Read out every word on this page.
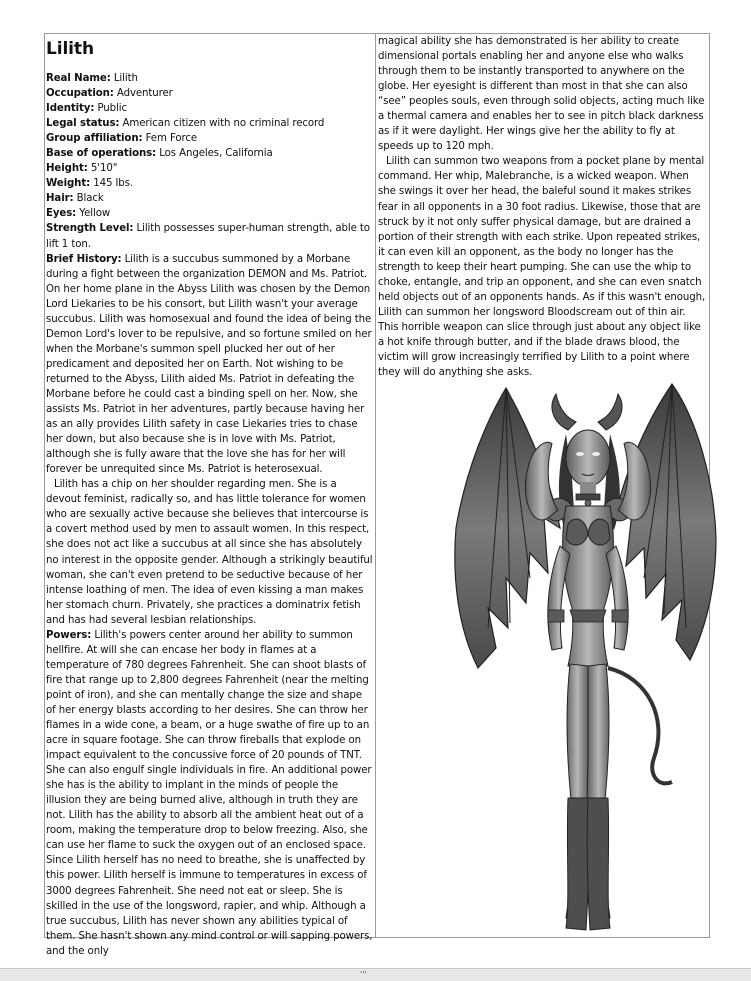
Lilith
Real Name: Lilith
Occupation: Adventurer
Identity: Public
Legal status: American citizen with no criminal record
Group affiliation: Fem Force
Base of operations: Los Angeles, California
Height: 5'10"
Weight: 145 lbs.
Hair: Black
Eyes: Yellow
Strength Level: Lilith possesses super-human strength, able to lift 1 ton.
Brief History: Lilith is a succubus summoned by a Morbane during a fight between the organization DEMON and Ms. Patriot. On her home plane in the Abyss Lilith was chosen by the Demon Lord Liekaries to be his consort, but Lilith wasn't your average succubus. Lilith was homosexual and found the idea of being the Demon Lord's lover to be repulsive, and so fortune smiled on her when the Morbane's summon spell plucked her out of her predicament and deposited her on Earth. Not wishing to be returned to the Abyss, Lilith aided Ms. Patriot in defeating the Morbane before he could cast a binding spell on her. Now, she assists Ms. Patriot in her adventures, partly because having her as an ally provides Lilith safety in case Liekaries tries to chase her down, but also because she is in love with Ms. Patriot, although she is fully aware that the love she has for her will forever be unrequited since Ms. Patriot is heterosexual.

Lilith has a chip on her shoulder regarding men. She is a devout feminist, radically so, and has little tolerance for women who are sexually active because she believes that intercourse is a covert method used by men to assault women. In this respect, she does not act like a succubus at all since she has absolutely no interest in the opposite gender. Although a strikingly beautiful woman, she can't even pretend to be seductive because of her intense loathing of men. The idea of even kissing a man makes her stomach churn. Privately, she practices a dominatrix fetish and has had several lesbian relationships.

Powers: Lilith's powers center around her ability to summon hellfire. At will she can encase her body in flames at a temperature of 780 degrees Fahrenheit. She can shoot blasts of fire that range up to 2,800 degrees Fahrenheit (near the melting point of iron), and she can mentally change the size and shape of her energy blasts according to her desires. She can throw her flames in a wide cone, a beam, or a huge swathe of fire up to an acre in square footage. She can throw fireballs that explode on impact equivalent to the concussive force of 20 pounds of TNT. She can also engulf single individuals in fire. An additional power she has is the ability to implant in the minds of people the illusion they are being burned alive, although in truth they are not. Lilith has the ability to absorb all the ambient heat out of a room, making the temperature drop to below freezing. Also, she can use her flame to suck the oxygen out of an enclosed space. Since Lilith herself has no need to breathe, she is unaffected by this power. Lilith herself is immune to temperatures in excess of 3000 degrees Fahrenheit. She need not eat or sleep. She is skilled in the use of the longsword, rapier, and whip. Although a true succubus, Lilith has never shown any abilities typical of them. She hasn't shown any mind control or will sapping powers, and the only

magical ability she has demonstrated is her ability to create dimensional portals enabling her and anyone else who walks through them to be instantly transported to anywhere on the globe. Her eyesight is different than most in that she can also “see” peoples souls, even through solid objects, acting much like a thermal camera and enables her to see in pitch black darkness as if it were daylight. Her wings give her the ability to fly at speeds up to 120 mph.

Lilith can summon two weapons from a pocket plane by mental command. Her whip, Malebranche, is a wicked weapon. When she swings it over her head, the baleful sound it makes strikes fear in all opponents in a 30 foot radius. Likewise, those that are struck by it not only suffer physical damage, but are drained a portion of their strength with each strike. Upon repeated strikes, it can even kill an opponent, as the body no longer has the strength to keep their heart pumping. She can use the whip to choke, entangle, and trip an opponent, and she can even snatch held objects out of an opponents hands. As if this wasn't enough, Lilith can summon her longsword Bloodscream out of thin air. This horrible weapon can slice through just about any object like a hot knife through butter, and if the blade draws blood, the victim will grow increasingly terrified by Lilith to a point where they will do anything she asks.

'''
